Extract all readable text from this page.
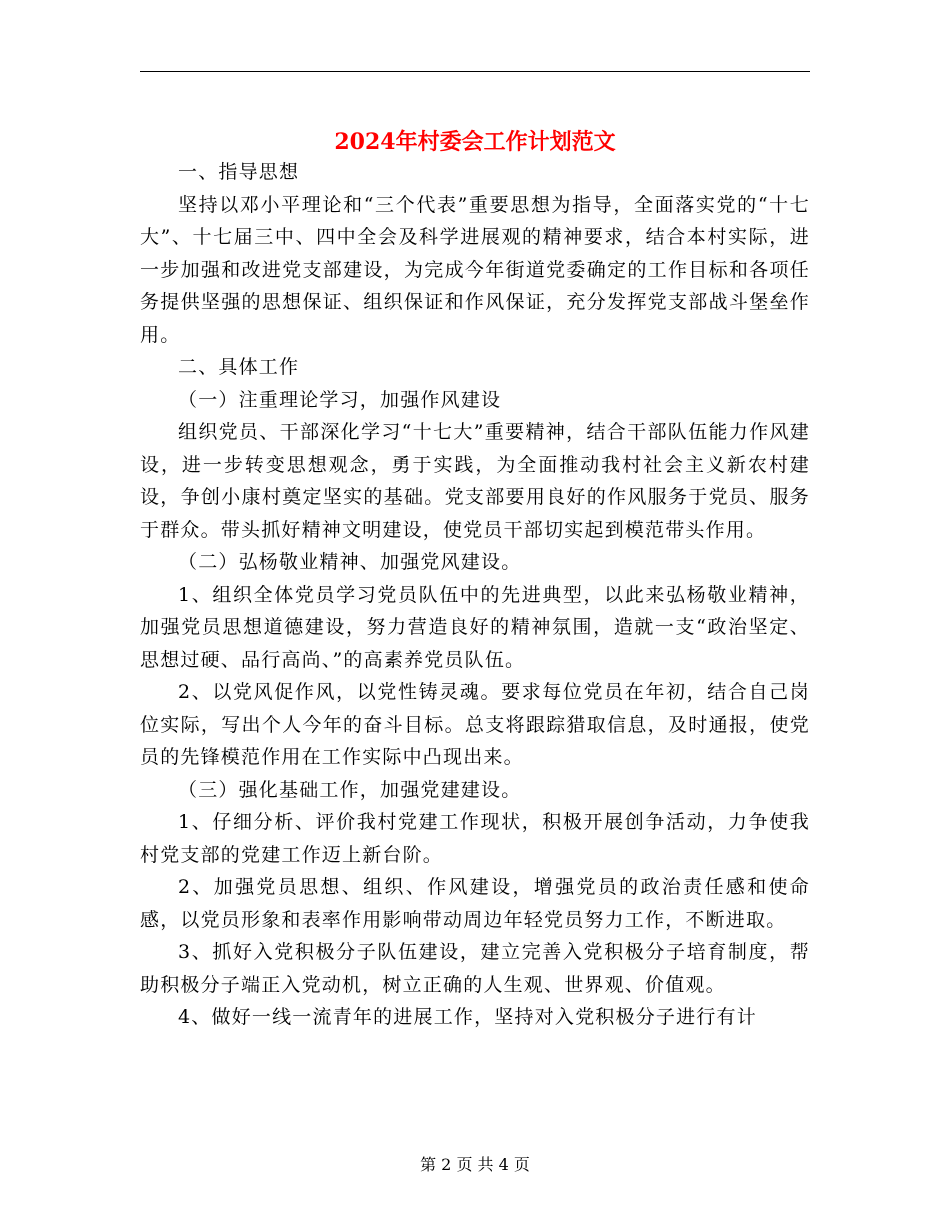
2024年村委会工作计划范文

一、指导思想

坚持以邓小平理论和“三个代表”重要思想为指导，全面落实党的“十七大”、十七届三中、四中全会及科学进展观的精神要求，结合本村实际，进一步加强和改进党支部建设，为完成今年街道党委确定的工作目标和各项任务提供坚强的思想保证、组织保证和作风保证，充分发挥党支部战斗堡垒作用。

二、具体工作

（一）注重理论学习，加强作风建设

组织党员、干部深化学习“十七大”重要精神，结合干部队伍能力作风建设，进一步转变思想观念，勇于实践，为全面推动我村社会主义新农村建设，争创小康村奠定坚实的基础。党支部要用良好的作风服务于党员、服务于群众。带头抓好精神文明建设，使党员干部切实起到模范带头作用。

（二）弘杨敬业精神、加强党风建设。

1、组织全体党员学习党员队伍中的先进典型，以此来弘杨敬业精神，加强党员思想道德建设，努力营造良好的精神氛围，造就一支“政治坚定、思想过硬、品行高尚、”的高素养党员队伍。

2、以党风促作风，以党性铸灵魂。要求每位党员在年初，结合自己岗位实际，写出个人今年的奋斗目标。总支将跟踪猎取信息，及时通报，使党员的先锋模范作用在工作实际中凸现出来。

（三）强化基础工作，加强党建建设。

1、仔细分析、评价我村党建工作现状，积极开展创争活动，力争使我村党支部的党建工作迈上新台阶。

2、加强党员思想、组织、作风建设，增强党员的政治责任感和使命感，以党员形象和表率作用影响带动周边年轻党员努力工作，不断进取。

3、抓好入党积极分子队伍建设，建立完善入党积极分子培育制度，帮助积极分子端正入党动机，树立正确的人生观、世界观、价值观。

4、做好一线一流青年的进展工作，坚持对入党积极分子进行有计

第 2 页 共 4 页
